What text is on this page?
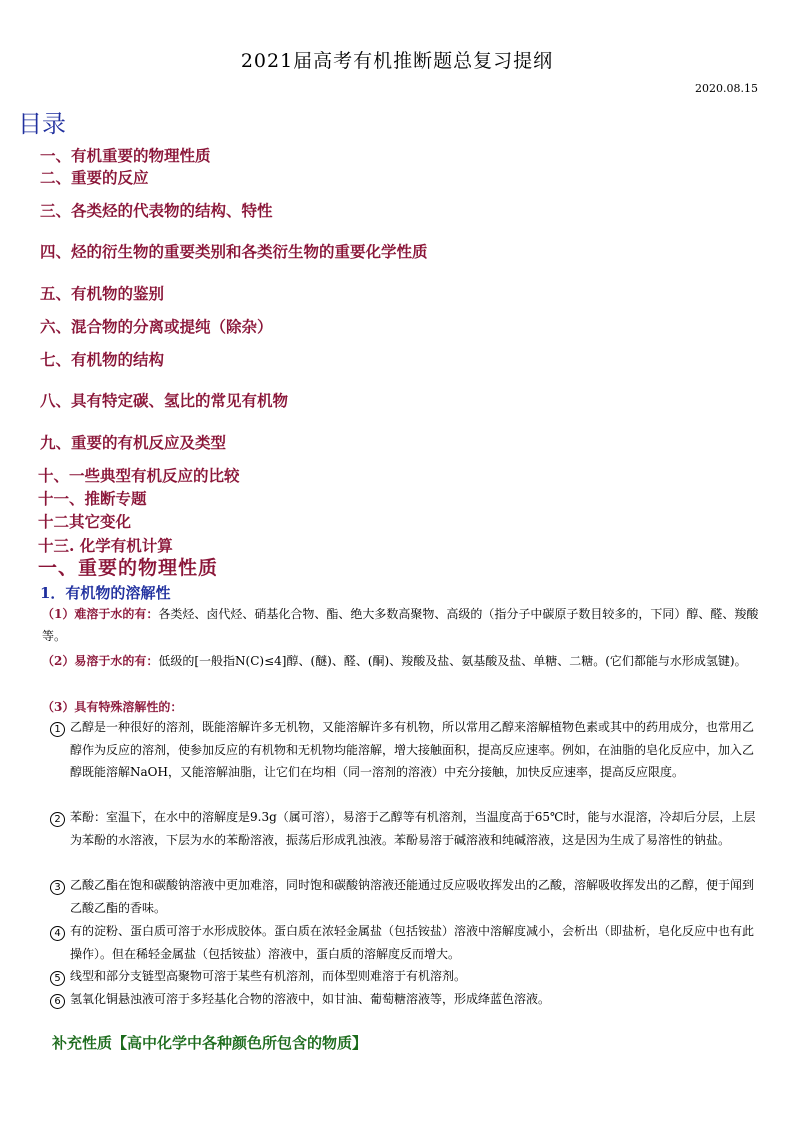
2021届高考有机推断题总复习提纲
2020.08.15
目录
一、有机重要的物理性质
二、重要的反应
三、各类烃的代表物的结构、特性
四、烃的衍生物的重要类别和各类衍生物的重要化学性质
五、有机物的鉴别
六、混合物的分离或提纯（除杂）
七、有机物的结构
八、具有特定碳、氢比的常见有机物
九、重要的有机反应及类型
十、一些典型有机反应的比较
十一、推断专题
十二其它变化
十三. 化学有机计算
一、重要的物理性质
1．有机物的溶解性
（1）难溶于水的有：各类烃、卤代烃、硝基化合物、酯、绝大多数高聚物、高级的（指分子中碳原子数目较多的，下同）醇、醛、羧酸等。
（2）易溶于水的有：低级的[一般指N(C)≤4]醇、(醚)、醛、(酮)、羧酸及盐、氨基酸及盐、单糖、二糖。(它们都能与水形成氢键)。
（3）具有特殊溶解性的：
1 乙醇是一种很好的溶剂，既能溶解许多无机物，又能溶解许多有机物，所以常用乙醇来溶解植物色素或其中的药用成分，也常用乙醇作为反应的溶剂，使参加反应的有机物和无机物均能溶解，增大接触面积，提高反应速率。例如，在油脂的皂化反应中，加入乙醇既能溶解NaOH，又能溶解油脂，让它们在均相（同一溶剂的溶液）中充分接触，加快反应速率，提高反应限度。
2 苯酚：室温下，在水中的溶解度是9.3g（属可溶），易溶于乙醇等有机溶剂，当温度高于65℃时，能与水混溶，冷却后分层，上层为苯酚的水溶液，下层为水的苯酚溶液，振荡后形成乳浊液。苯酚易溶于碱溶液和纯碱溶液，这是因为生成了易溶性的钠盐。
3 乙酸乙酯在饱和碳酸钠溶液中更加难溶，同时饱和碳酸钠溶液还能通过反应吸收挥发出的乙酸，溶解吸收挥发出的乙醇，便于闻到乙酸乙酯的香味。
4 有的淀粉、蛋白质可溶于水形成胶体。蛋白质在浓轻金属盐（包括铵盐）溶液中溶解度减小，会析出（即盐析，皂化反应中也有此操作）。但在稀轻金属盐（包括铵盐）溶液中，蛋白质的溶解度反而增大。
5 线型和部分支链型高聚物可溶于某些有机溶剂，而体型则难溶于有机溶剂。
6 氢氧化铜悬浊液可溶于多羟基化合物的溶液中，如甘油、葡萄糖溶液等，形成绛蓝色溶液。
补充性质【高中化学中各种颜色所包含的物质】
